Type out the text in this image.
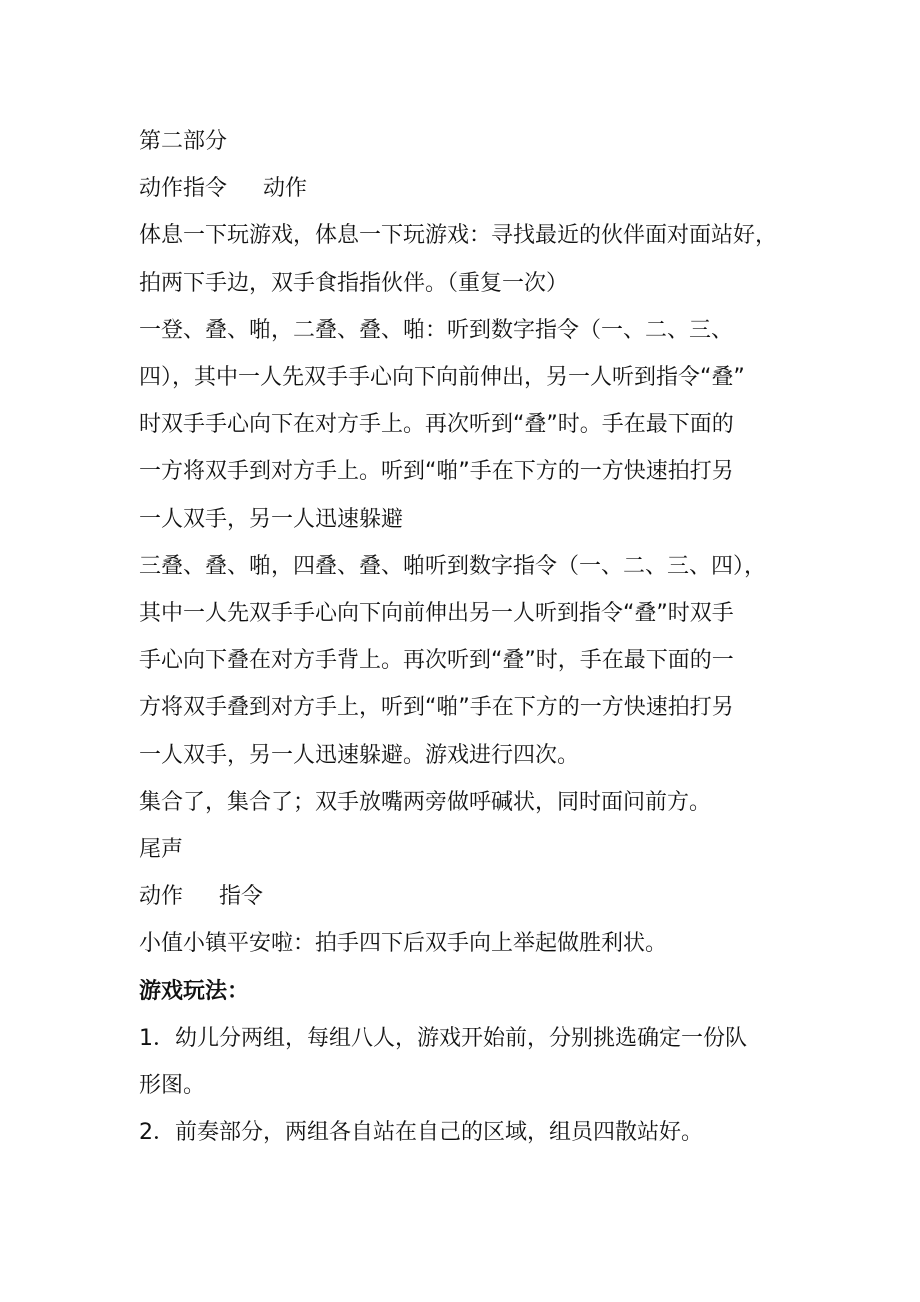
第二部分

动作指令 动作

体息一下玩游戏，体息一下玩游戏：寻找最近的伙伴面对面站好，
拍两下手边，双手食指指伙伴。（重复一次）

一登、叠、啪，二叠、叠、啪：听到数字指令（一、二、三、
四），其中一人先双手手心向下向前伸出，另一人听到指令“叠”
时双手手心向下在对方手上。再次听到“叠”时。手在最下面的
一方将双手到对方手上。听到“啪”手在下方的一方快速拍打另
一人双手，另一人迅速躲避

三叠、叠、啪，四叠、叠、啪听到数字指令（一、二、三、四），
其中一人先双手手心向下向前伸出另一人听到指令“叠”时双手
手心向下叠在对方手背上。再次听到“叠”时，手在最下面的一
方将双手叠到对方手上，听到“啪”手在下方的一方快速拍打另
一人双手，另一人迅速躲避。游戏进行四次。

集合了，集合了；双手放嘴两旁做呼碱状，同时面问前方。

尾声

动作 指令

小值小镇平安啦：拍手四下后双手向上举起做胜利状。

游戏玩法：

1．幼儿分两组，每组八人，游戏开始前，分别挑选确定一份队
形图。

2．前奏部分，两组各自站在自己的区域，组员四散站好。
